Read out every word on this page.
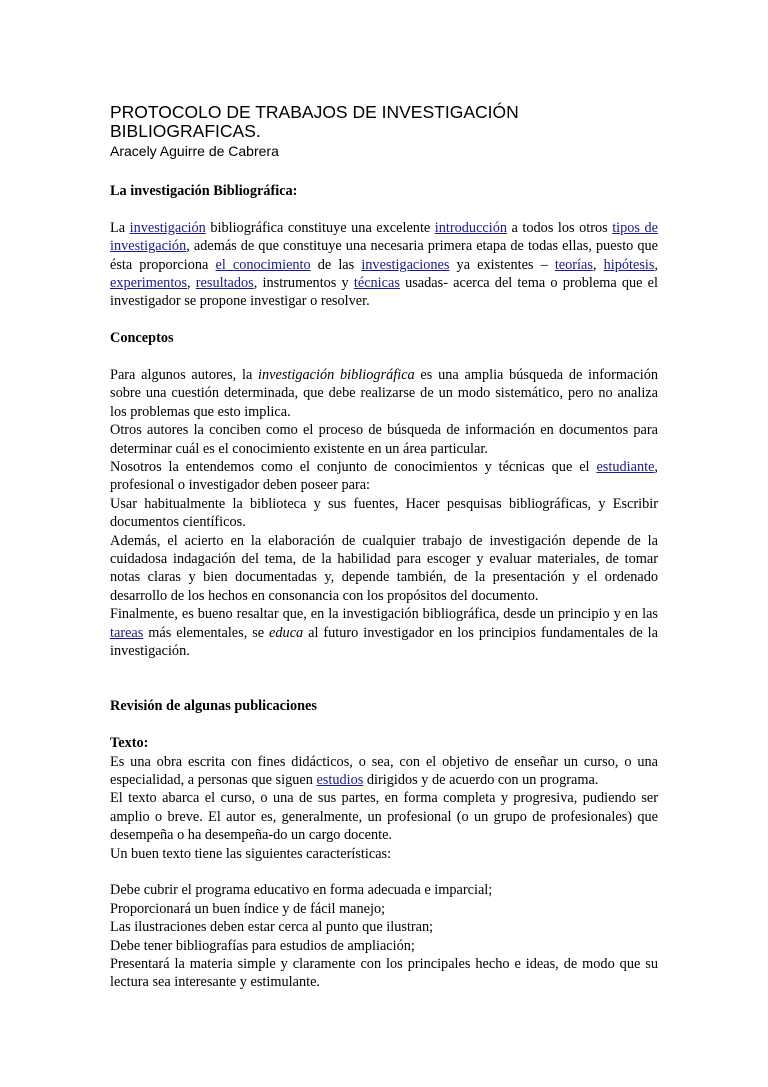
PROTOCOLO DE TRABAJOS DE INVESTIGACIÓN
BIBLIOGRAFICAS.
Aracely Aguirre de Cabrera

La investigación Bibliográfica:

La investigación bibliográfica constituye una excelente introducción a todos los otros tipos de investigación, además de que constituye una necesaria primera etapa de todas ellas, puesto que ésta proporciona el conocimiento de las investigaciones ya existentes – teorías, hipótesis, experimentos, resultados, instrumentos y técnicas usadas- acerca del tema o problema que el investigador se propone investigar o resolver.

Conceptos

Para algunos autores, la investigación bibliográfica es una amplia búsqueda de información sobre una cuestión determinada, que debe realizarse de un modo sistemático, pero no analiza los problemas que esto implica.

Otros autores la conciben como el proceso de búsqueda de información en documentos para determinar cuál es el conocimiento existente en un área particular.

Nosotros la entendemos como el conjunto de conocimientos y técnicas que el estudiante, profesional o investigador deben poseer para:

Usar habitualmente la biblioteca y sus fuentes, Hacer pesquisas bibliográficas, y Escribir documentos científicos.

Además, el acierto en la elaboración de cualquier trabajo de investigación depende de la cuidadosa indagación del tema, de la habilidad para escoger y evaluar materiales, de tomar notas claras y bien documentadas y, depende también, de la presentación y el ordenado desarrollo de los hechos en consonancia con los propósitos del documento.

Finalmente, es bueno resaltar que, en la investigación bibliográfica, desde un principio y en las tareas más elementales, se educa al futuro investigador en los principios fundamentales de la investigación.

Revisión de algunas publicaciones

Texto:

Es una obra escrita con fines didácticos, o sea, con el objetivo de enseñar un curso, o una especialidad, a personas que siguen estudios dirigidos y de acuerdo con un programa.

El texto abarca el curso, o una de sus partes, en forma completa y progresiva, pudiendo ser amplio o breve. El autor es, generalmente, un profesional (o un grupo de profesionales) que desempeña o ha desempeña-do un cargo docente.

Un buen texto tiene las siguientes características:

Debe cubrir el programa educativo en forma adecuada e imparcial;

Proporcionará un buen índice y de fácil manejo;

Las ilustraciones deben estar cerca al punto que ilustran;

Debe tener bibliografías para estudios de ampliación;

Presentará la materia simple y claramente con los principales hecho e ideas, de modo que su lectura sea interesante y estimulante.
